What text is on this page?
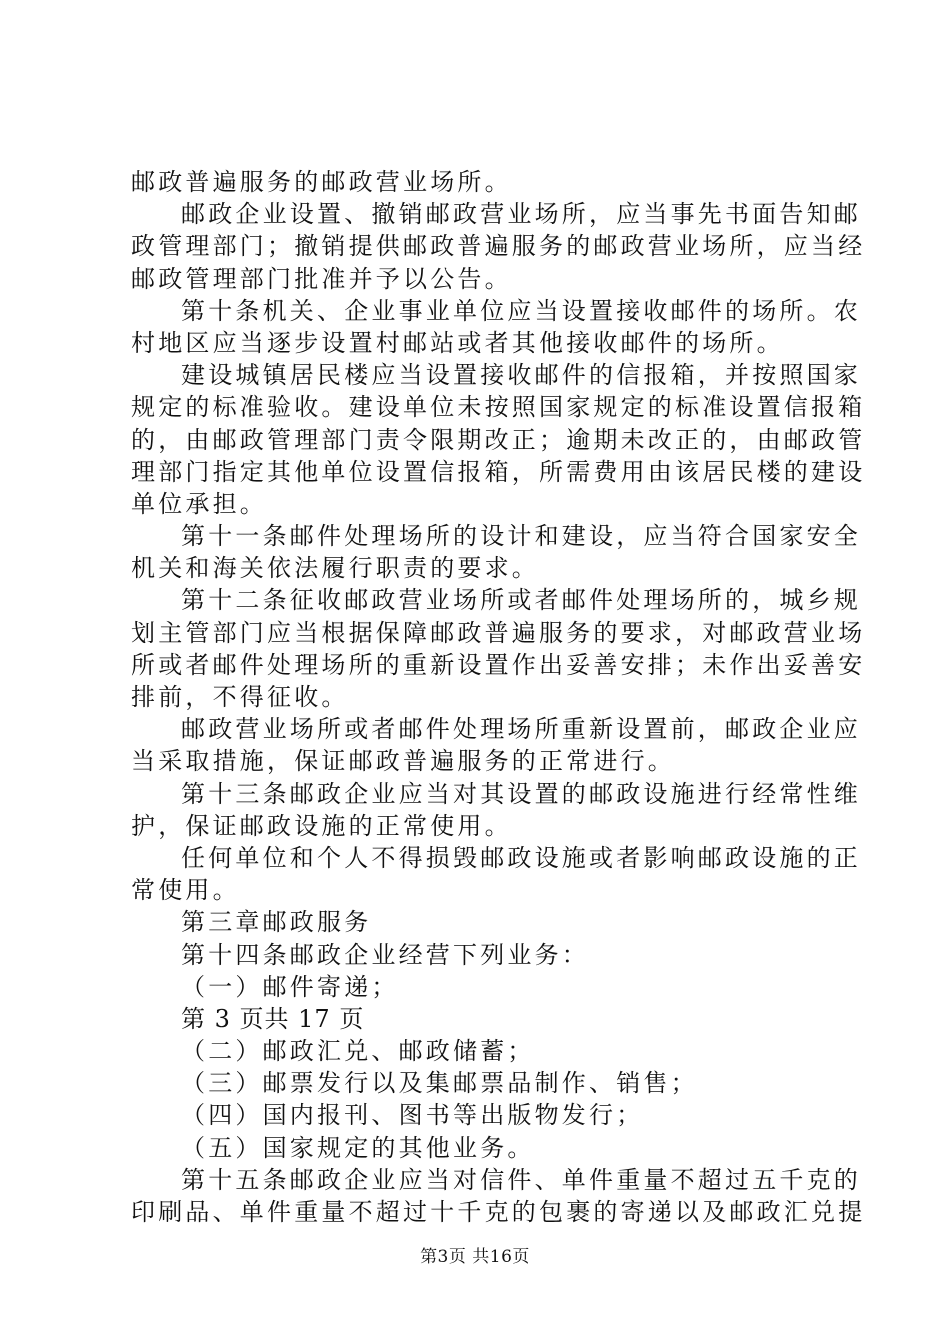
邮政普遍服务的邮政营业场所。
邮政企业设置、撤销邮政营业场所，应当事先书面告知邮
政管理部门；撤销提供邮政普遍服务的邮政营业场所，应当经
邮政管理部门批准并予以公告。
第十条机关、企业事业单位应当设置接收邮件的场所。农
村地区应当逐步设置村邮站或者其他接收邮件的场所。
建设城镇居民楼应当设置接收邮件的信报箱，并按照国家
规定的标准验收。建设单位未按照国家规定的标准设置信报箱
的，由邮政管理部门责令限期改正；逾期未改正的，由邮政管
理部门指定其他单位设置信报箱，所需费用由该居民楼的建设
单位承担。
第十一条邮件处理场所的设计和建设，应当符合国家安全
机关和海关依法履行职责的要求。
第十二条征收邮政营业场所或者邮件处理场所的，城乡规
划主管部门应当根据保障邮政普遍服务的要求，对邮政营业场
所或者邮件处理场所的重新设置作出妥善安排；未作出妥善安
排前，不得征收。
邮政营业场所或者邮件处理场所重新设置前，邮政企业应
当采取措施，保证邮政普遍服务的正常进行。
第十三条邮政企业应当对其设置的邮政设施进行经常性维
护，保证邮政设施的正常使用。
任何单位和个人不得损毁邮政设施或者影响邮政设施的正
常使用。
第三章邮政服务
第十四条邮政企业经营下列业务：
（一）邮件寄递；
第 3 页共 17 页
（二）邮政汇兑、邮政储蓄；
（三）邮票发行以及集邮票品制作、销售；
（四）国内报刊、图书等出版物发行；
（五）国家规定的其他业务。
第十五条邮政企业应当对信件、单件重量不超过五千克的
印刷品、单件重量不超过十千克的包裹的寄递以及邮政汇兑提
第3页 共16页
